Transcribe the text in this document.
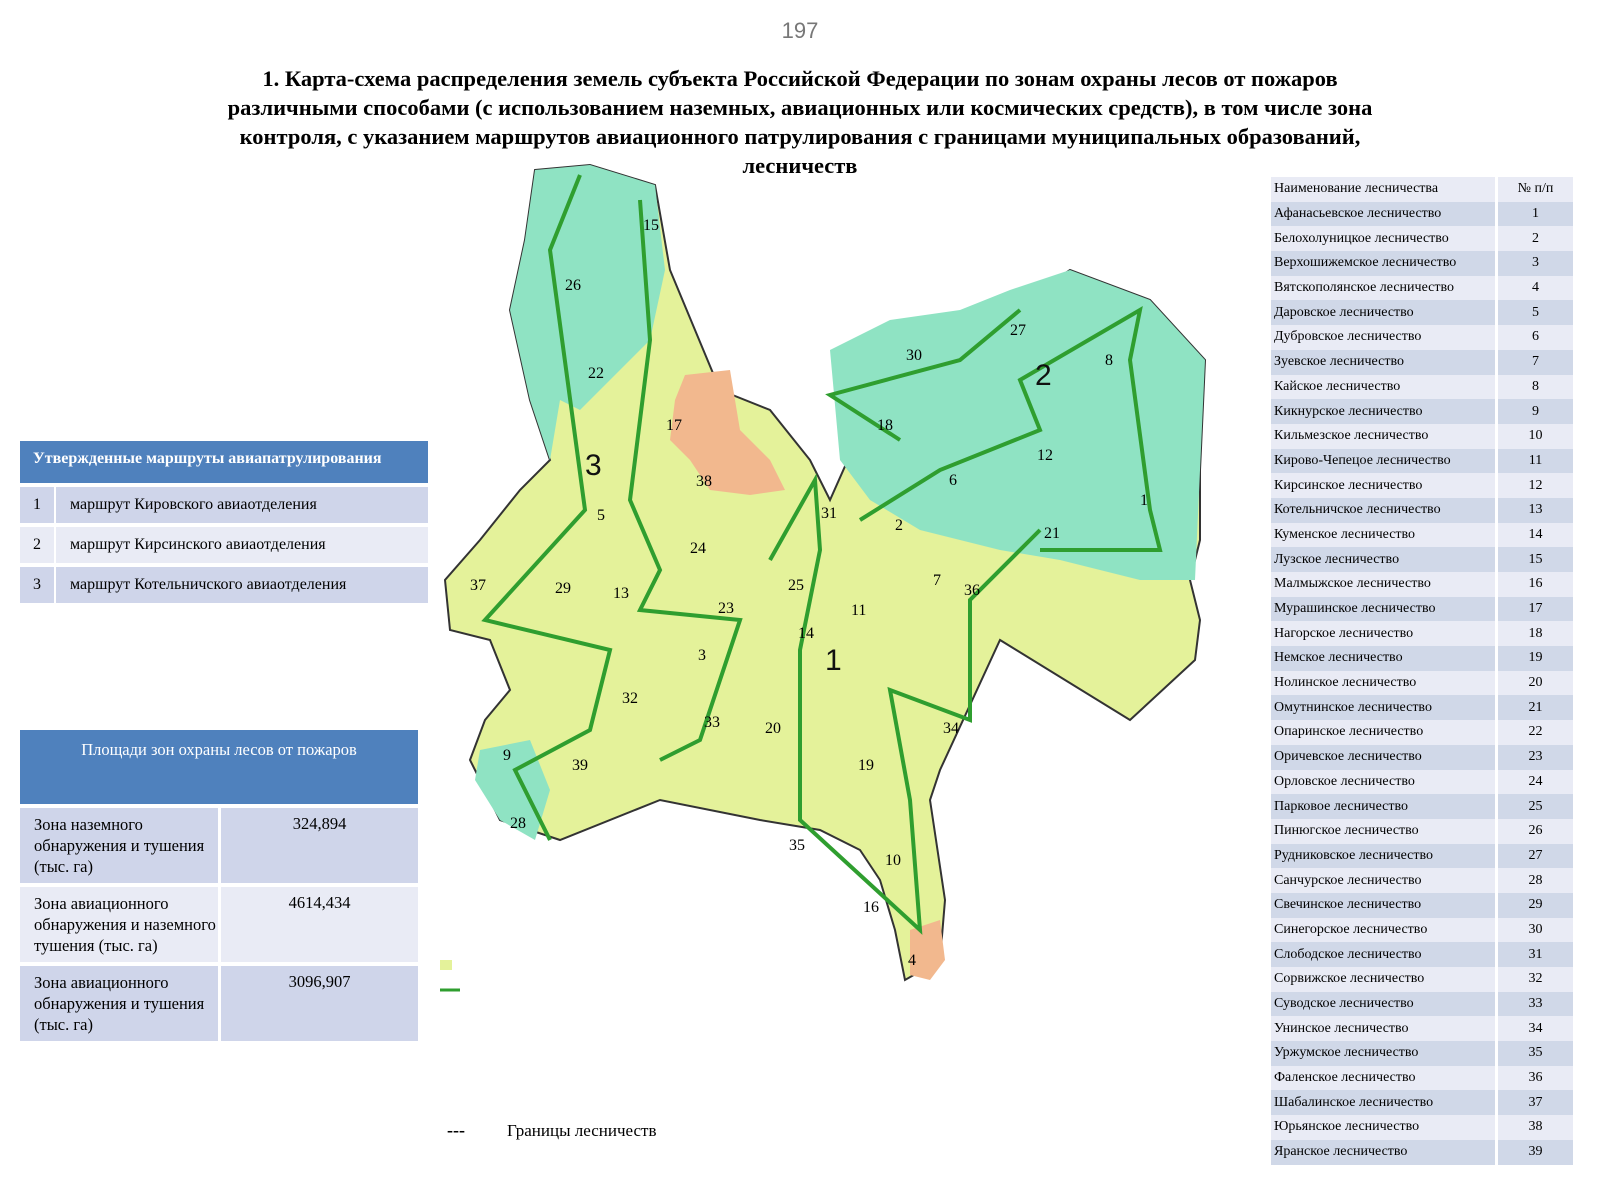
197
1. Карта-схема распределения земель субъекта Российской Федерации по зонам охраны лесов от пожаров
различными способами (с использованием наземных, авиационных или космических средств), в том числе зона
контроля, с указанием маршрутов авиационного патрулирования с границами муниципальных образований,
лесничеств
1
2
3
4
5
6
7
8
9
10
11
12
13
14
15
16
17	18
19
20
21
22
23
24
25
26
27
28
29
30
31
32
33	34
35
36
37
38
39
1
2
3
Утвержденные маршруты авиапатрулирования
1	маршрут Кировского авиаотделения
2	маршрут Кирсинского авиаотделения
3	маршрут Котельничского авиаотделения
Площади зон охраны лесов от пожаров
Зона наземного обнаружения и тушения (тыс. га)
324,894
Зона авиационного обнаружения и наземного тушения (тыс. га)
4614,434
Зона авиационного обнаружения и тушения (тыс. га)
3096,907
Наименование лесничества	№ п/п
Афанасьевское лесничество	1
Белохолуницкое лесничество	2
Верхошижемское лесничество	3
Вятскополянское лесничество	4
Даровское лесничество	5
Дубровское лесничество	6
Зуевское лесничество	7
Кайское лесничество	8
Кикнурское лесничество	9
Кильмезское лесничество	10
Кирово-Чепецое лесничество	11
Кирсинское лесничество	12
Котельничское лесничество	13
Куменское лесничество	14
Лузское лесничество	15
Малмыжское лесничество	16
Мурашинское лесничество	17
Нагорское лесничество	18
Немское лесничество	19
Нолинское лесничество	20
Омутнинское лесничество	21
Опаринское лесничество	22
Оричевское лесничество	23
Орловское лесничество	24
Парковое лесничество	25
Пинюгское лесничество	26
Рудниковское лесничество	27
Санчурское лесничество	28
Свечинское лесничество	29
Синегорское лесничество	30
Слободское лесничество	31
Сорвижское лесничество	32
Суводское лесничество	33
Унинское лесничество	34
Уржумское лесничество	35
Фаленское лесничество	36
Шабалинское лесничество	37
Юрьянское лесничество	38
Яранское лесничество	39
---	Границы лесничеств
